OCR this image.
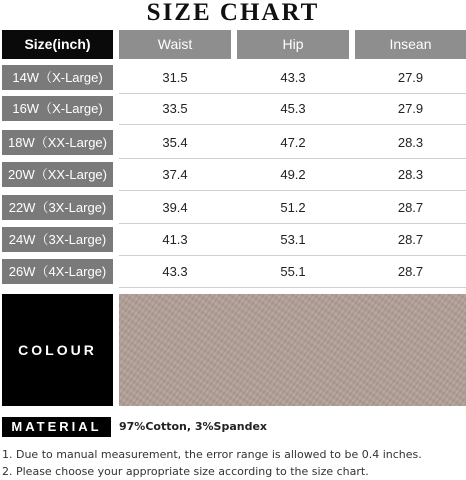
SIZE CHART
Size(inch)	Waist	Hip	Insean
14W（X-Large)	31.5	43.3	27.9
16W（X-Large)	33.5	45.3	27.9
18W（XX-Large)	35.4	47.2	28.3
20W（XX-Large)	37.4	49.2	28.3
22W（3X-Large)	39.4	51.2	28.7
24W（3X-Large)	41.3	53.1	28.7
26W（4X-Large)	43.3	55.1	28.7
COLOUR
MATERIAL	97%Cotton, 3%Spandex
1. Due to manual measurement, the error range is allowed to be 0.4 inches.
2. Please choose your appropriate size according to the size chart.
